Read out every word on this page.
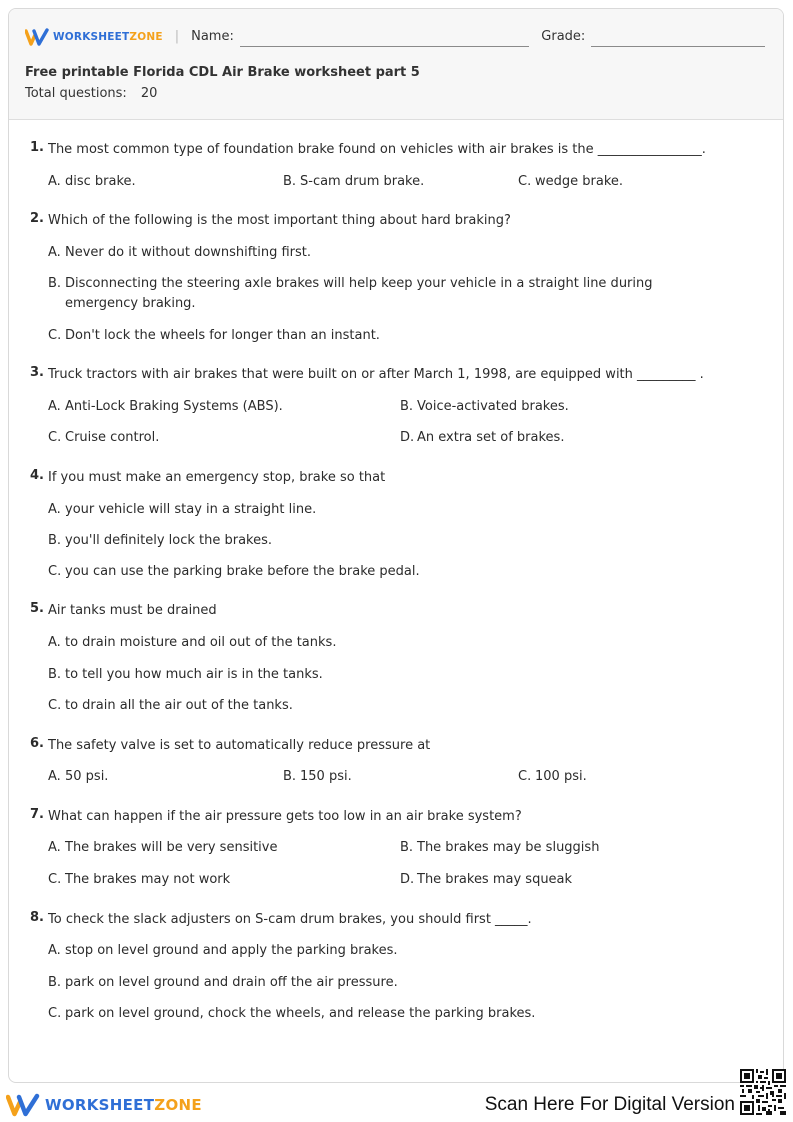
WORKSHEETZONE | Name:	Grade:
Free printable Florida CDL Air Brake worksheet part 5
Total questions: 20
1. The most common type of foundation brake found on vehicles with air brakes is the ________________.
A. disc brake.	B. S-cam drum brake.	C. wedge brake.
2. Which of the following is the most important thing about hard braking?
A. Never do it without downshifting first.
B. Disconnecting the steering axle brakes will help keep your vehicle in a straight line during emergency braking.
C. Don't lock the wheels for longer than an instant.
3. Truck tractors with air brakes that were built on or after March 1, 1998, are equipped with _________ .
A. Anti-Lock Braking Systems (ABS).	B. Voice-activated brakes.
C. Cruise control.	D. An extra set of brakes.
4. If you must make an emergency stop, brake so that
A. your vehicle will stay in a straight line.
B. you'll definitely lock the brakes.
C. you can use the parking brake before the brake pedal.
5. Air tanks must be drained
A. to drain moisture and oil out of the tanks.
B. to tell you how much air is in the tanks.
C. to drain all the air out of the tanks.
6. The safety valve is set to automatically reduce pressure at
A. 50 psi.	B. 150 psi.	C. 100 psi.
7. What can happen if the air pressure gets too low in an air brake system?
A. The brakes will be very sensitive	B. The brakes may be sluggish
C. The brakes may not work	D. The brakes may squeak
8. To check the slack adjusters on S-cam drum brakes, you should first _____.
A. stop on level ground and apply the parking brakes.
B. park on level ground and drain off the air pressure.
C. park on level ground, chock the wheels, and release the parking brakes.
WORKSHEETZONE	Scan Here For Digital Version
